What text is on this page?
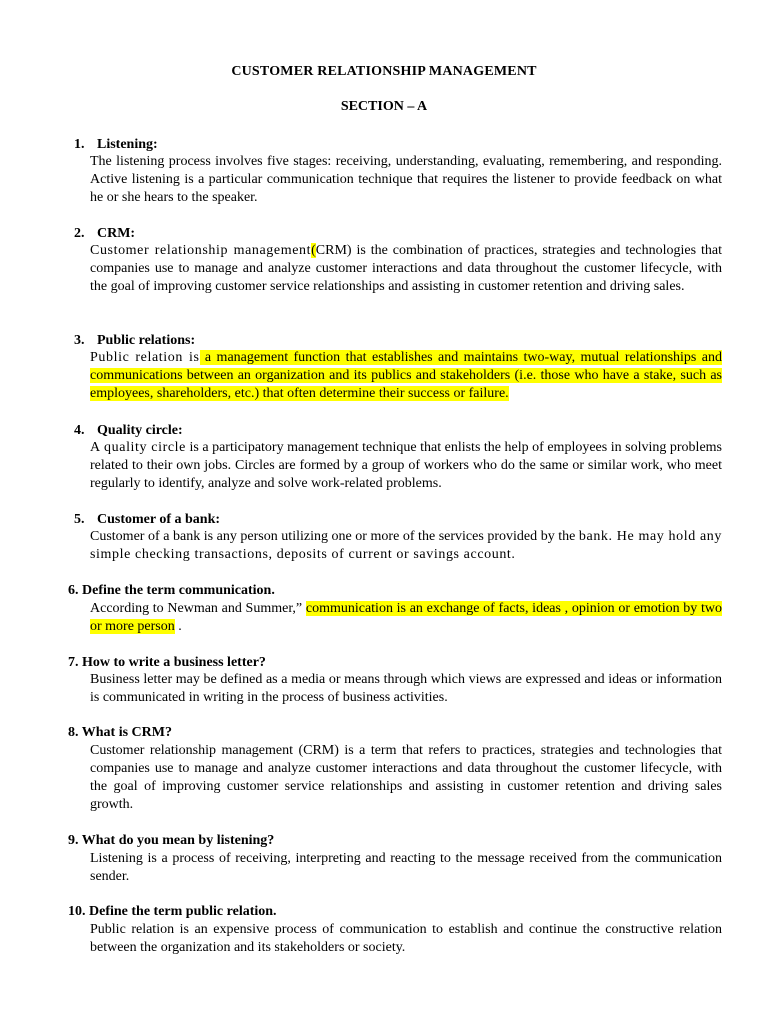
CUSTOMER RELATIONSHIP MANAGEMENT
SECTION – A
1. Listening:
The listening process involves five stages: receiving, understanding, evaluating, remembering, and responding. Active listening is a particular communication technique that requires the listener to provide feedback on what he or she hears to the speaker.
2. CRM:
Customer relationship management(CRM) is the combination of practices, strategies and technologies that companies use to manage and analyze customer interactions and data throughout the customer lifecycle, with the goal of improving customer service relationships and assisting in customer retention and driving sales.
3. Public relations:
Public relation is a management function that establishes and maintains two-way, mutual relationships and communications between an organization and its publics and stakeholders (i.e. those who have a stake, such as employees, shareholders, etc.) that often determine their success or failure.
4. Quality circle:
A quality circle is a participatory management technique that enlists the help of employees in solving problems related to their own jobs. Circles are formed by a group of workers who do the same or similar work, who meet regularly to identify, analyze and solve work-related problems.
5. Customer of a bank:
Customer of a bank is any person utilizing one or more of the services provided by the bank. He may hold any simple checking transactions, deposits of current or savings account.
6. Define the term communication.
According to Newman and Summer,” communication is an exchange of facts, ideas , opinion or emotion by two or more person .
7. How to write a business letter?
Business letter may be defined as a media or means through which views are expressed and ideas or information is communicated in writing in the process of business activities.
8. What is CRM?
Customer relationship management (CRM) is a term that refers to practices, strategies and technologies that companies use to manage and analyze customer interactions and data throughout the customer lifecycle, with the goal of improving customer service relationships and assisting in customer retention and driving sales growth.
9. What do you mean by listening?
Listening is a process of receiving, interpreting and reacting to the message received from the communication sender.
10. Define the term public relation.
Public relation is an expensive process of communication to establish and continue the constructive relation between the organization and its stakeholders or society.
